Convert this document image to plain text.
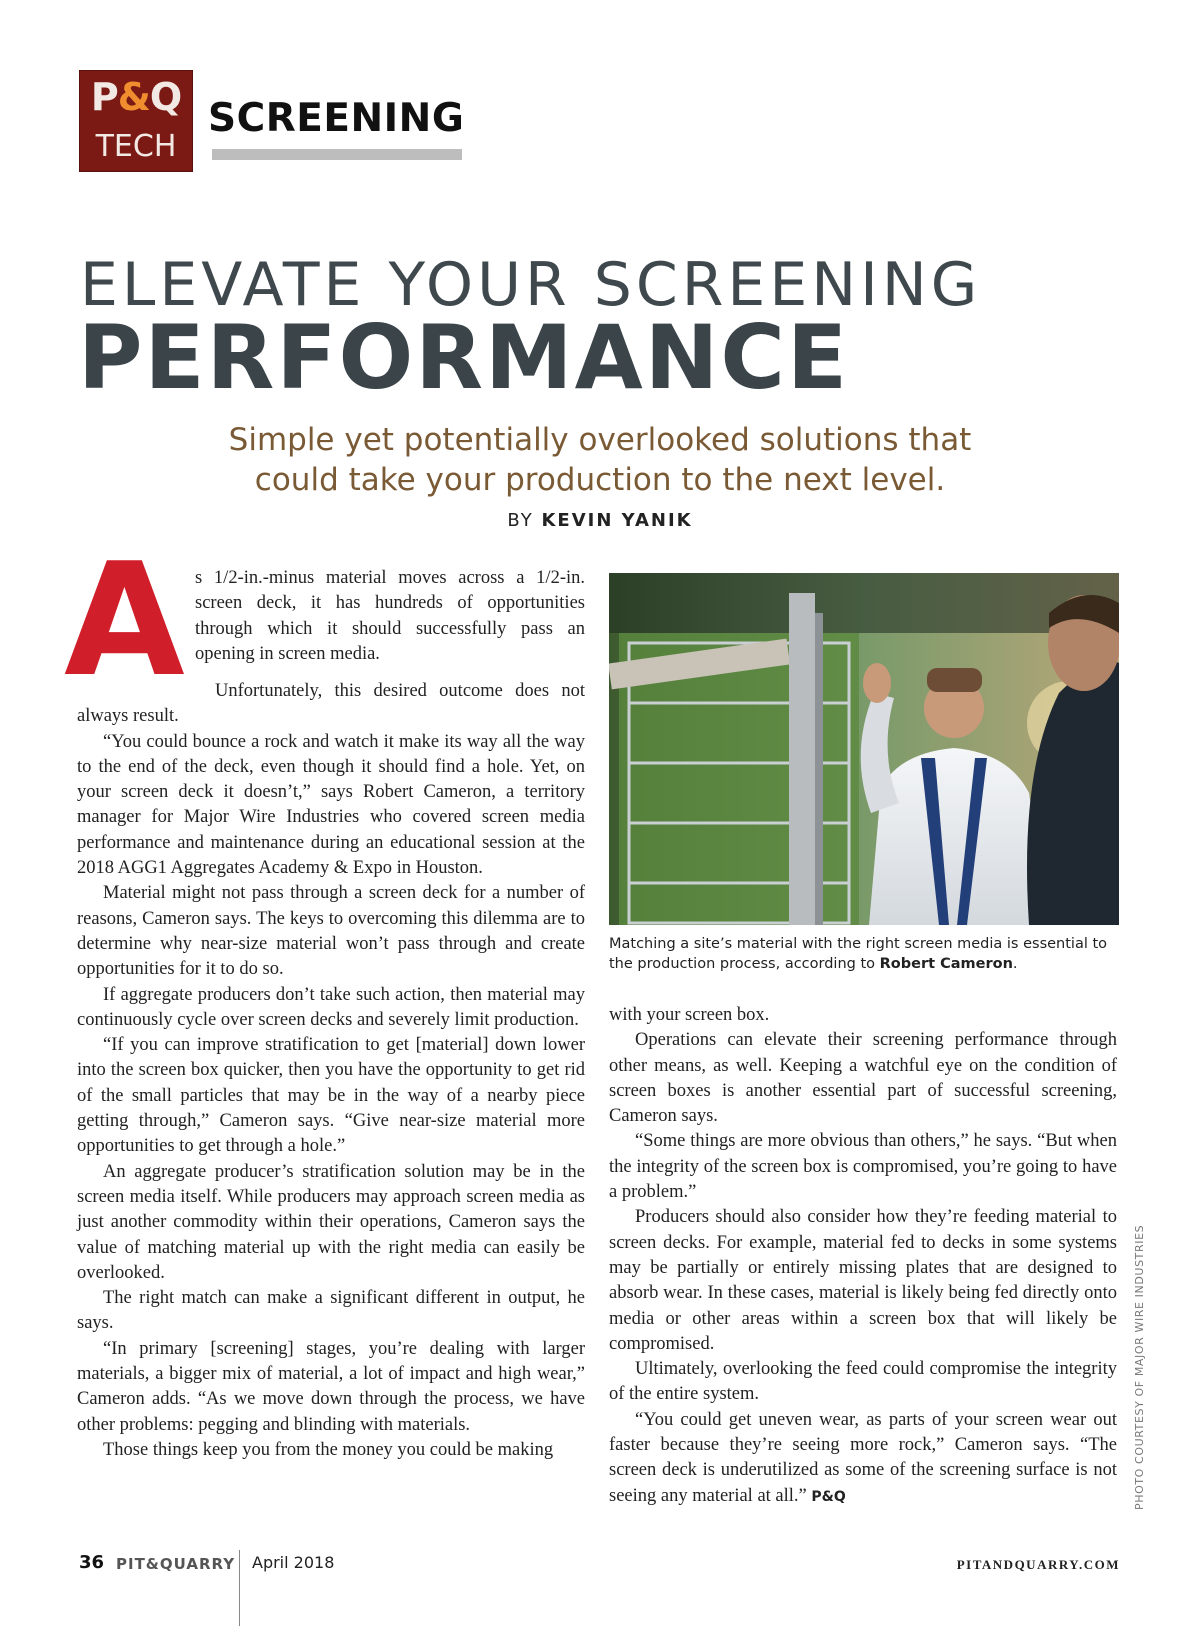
P&Q
TECH
SCREENING
ELEVATE YOUR SCREENING
PERFORMANCE
Simple yet potentially overlooked solutions that
could take your production to the next level.
BY KEVIN YANIK
A s 1/2-in.-minus material moves across a 1/2-in. screen deck, it has hundreds of opportunities through which it should successfully pass an opening in screen media.

Unfortunately, this desired outcome does not always result.

“You could bounce a rock and watch it make its way all the way to the end of the deck, even though it should find a hole. Yet, on your screen deck it doesn’t,” says Robert Cameron, a territory manager for Major Wire Industries who covered screen media performance and maintenance during an educational session at the 2018 AGG1 Aggregates Academy & Expo in Houston.

Material might not pass through a screen deck for a number of reasons, Cameron says. The keys to overcoming this dilemma are to determine why near-size material won’t pass through and create opportunities for it to do so.

If aggregate producers don’t take such action, then material may continuously cycle over screen decks and severely limit production.

“If you can improve stratification to get [material] down lower into the screen box quicker, then you have the opportunity to get rid of the small particles that may be in the way of a nearby piece getting through,” Cameron says. “Give near-size material more opportunities to get through a hole.”

An aggregate producer’s stratification solution may be in the screen media itself. While producers may approach screen media as just another commodity within their operations, Cameron says the value of matching material up with the right media can easily be overlooked.

The right match can make a significant different in output, he says.

“In primary [screening] stages, you’re dealing with larger materials, a bigger mix of material, a lot of impact and high wear,” Cameron adds. “As we move down through the process, we have other problems: pegging and blinding with materials.

Those things keep you from the money you could be making

Matching a site’s material with the right screen media is essential to the production process, according to Robert Cameron.
PHOTO COURTESY OF MAJOR WIRE INDUSTRIES

with your screen box.

Operations can elevate their screening performance through other means, as well. Keeping a watchful eye on the condition of screen boxes is another essential part of successful screening, Cameron says.

“Some things are more obvious than others,” he says. “But when the integrity of the screen box is compromised, you’re going to have a problem.”

Producers should also consider how they’re feeding material to screen decks. For example, material fed to decks in some systems may be partially or entirely missing plates that are designed to absorb wear. In these cases, material is likely being fed directly onto media or other areas within a screen box that will likely be compromised.

Ultimately, overlooking the feed could compromise the integrity of the entire system.

“You could get uneven wear, as parts of your screen wear out faster because they’re seeing more rock,” Cameron says. “The screen deck is underutilized as some of the screening surface is not seeing any material at all.” P&Q

36 PIT&QUARRY April 2018	PITANDQUARRY.COM
